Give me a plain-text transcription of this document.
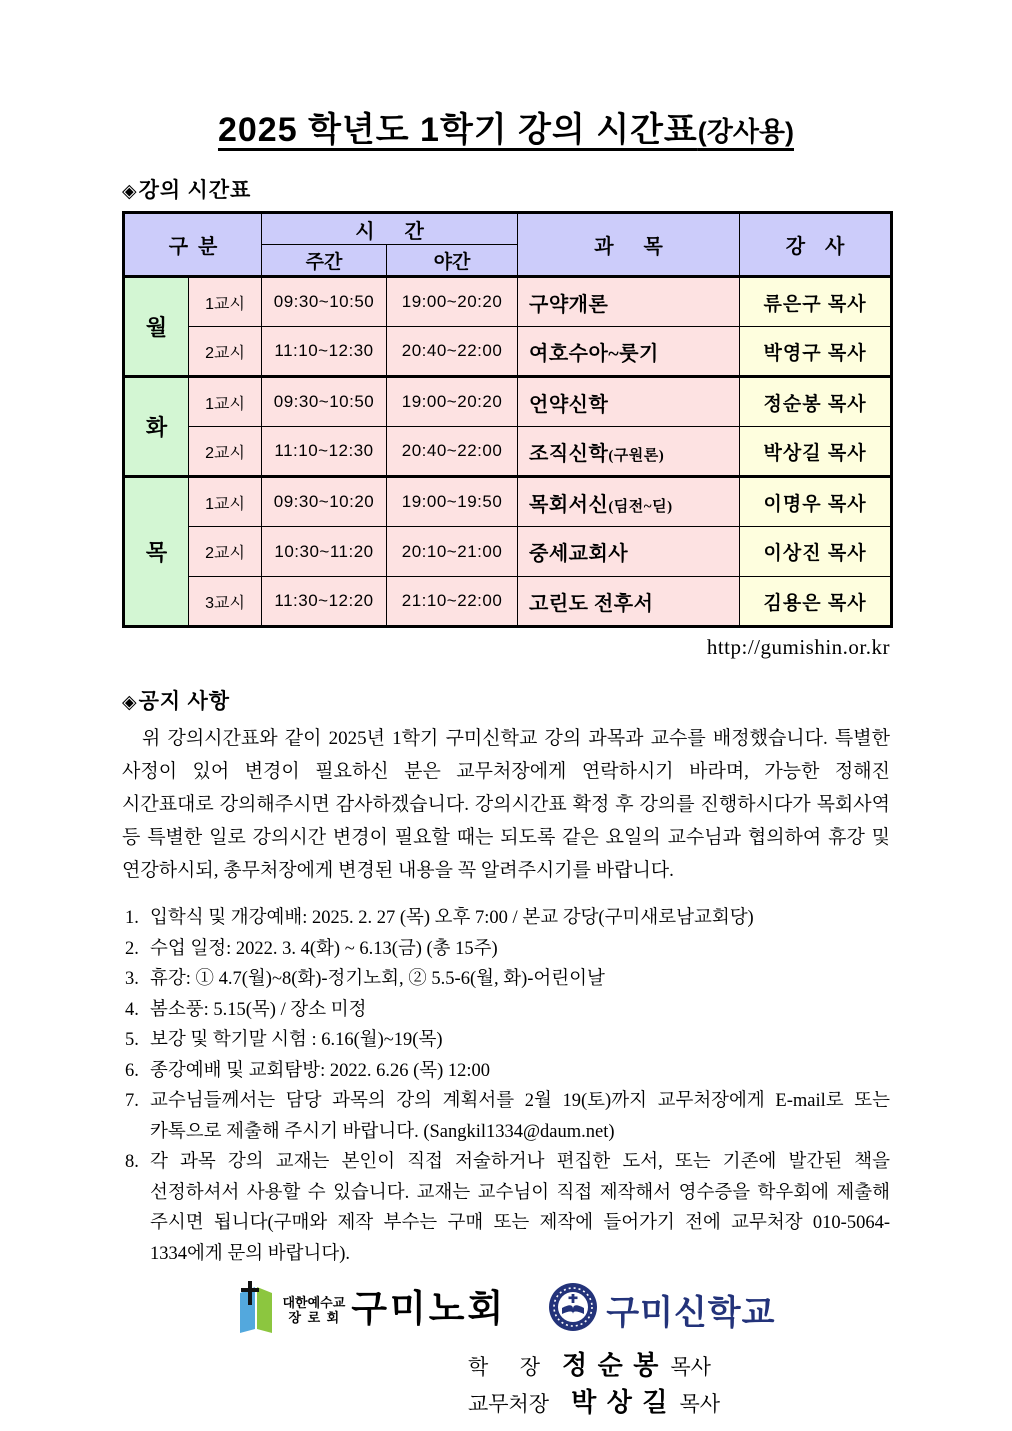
2025 학년도 1학기 강의 시간표(강사용)
◈강의 시간표
구  분		시      간		과      목	강    사
		주간	야간		
월	1교시	09:30~10:50	19:00~20:20	구약개론	류은구 목사
	2교시	11:10~12:30	20:40~22:00	여호수아~룻기	박영구 목사
화	1교시	09:30~10:50	19:00~20:20	언약신학	정순봉 목사
	2교시	11:10~12:30	20:40~22:00	조직신학(구원론)	박상길 목사
목	1교시	09:30~10:20	19:00~19:50	목회서신(딤전~딛)	이명우 목사
	2교시	10:30~11:20	20:10~21:00	중세교회사	이상진 목사
	3교시	11:30~12:20	21:10~22:00	고린도 전후서	김용은 목사
http://gumishin.or.kr
◈공지 사항

위 강의시간표와 같이 2025년 1학기 구미신학교 강의 과목과 교수를 배정했습니다. 특별한 사정이 있어 변경이 필요하신 분은 교무처장에게 연락하시기 바라며, 가능한 정해진 시간표대로 강의해주시면 감사하겠습니다. 강의시간표 확정 후 강의를 진행하시다가 목회사역 등 특별한 일로 강의시간 변경이 필요할 때는 되도록 같은 요일의 교수님과 협의하여 휴강 및 연강하시되, 총무처장에게 변경된 내용을 꼭 알려주시기를 바랍니다.

1. 입학식 및 개강예배: 2025. 2. 27 (목) 오후 7:00 / 본교 강당(구미새로남교회당)
2. 수업 일정: 2022. 3. 4(화) ~ 6.13(금) (총 15주)
3. 휴강: ① 4.7(월)~8(화)-정기노회, ② 5.5-6(월, 화)-어린이날
4. 봄소풍: 5.15(목) / 장소 미정
5. 보강 및 학기말 시험 : 6.16(월)~19(목)
6. 종강예배 및 교회탐방: 2022. 6.26 (목) 12:00
7. 교수님들께서는 담당 과목의 강의 계획서를 2월 19(토)까지 교무처장에게 E-mail로 또는 카톡으로 제출해 주시기 바랍니다. (Sangkil1334@daum.net)
8. 각 과목 강의 교재는 본인이 직접 저술하거나 편집한 도서, 또는 기존에 발간된 책을 선정하셔서 사용할 수 있습니다. 교재는 교수님이 직접 제작해서 영수증을 학우회에 제출해 주시면 됩니다(구매와 제작 부수는 구매 또는 제작에 들어가기 전에 교무처장 010-5064-1334에게 문의 바랍니다).
대한예수교
장  로  회 구미노회	구미신학교
학      장 정 순 봉 목사
교무처장 박 상 길 목사
